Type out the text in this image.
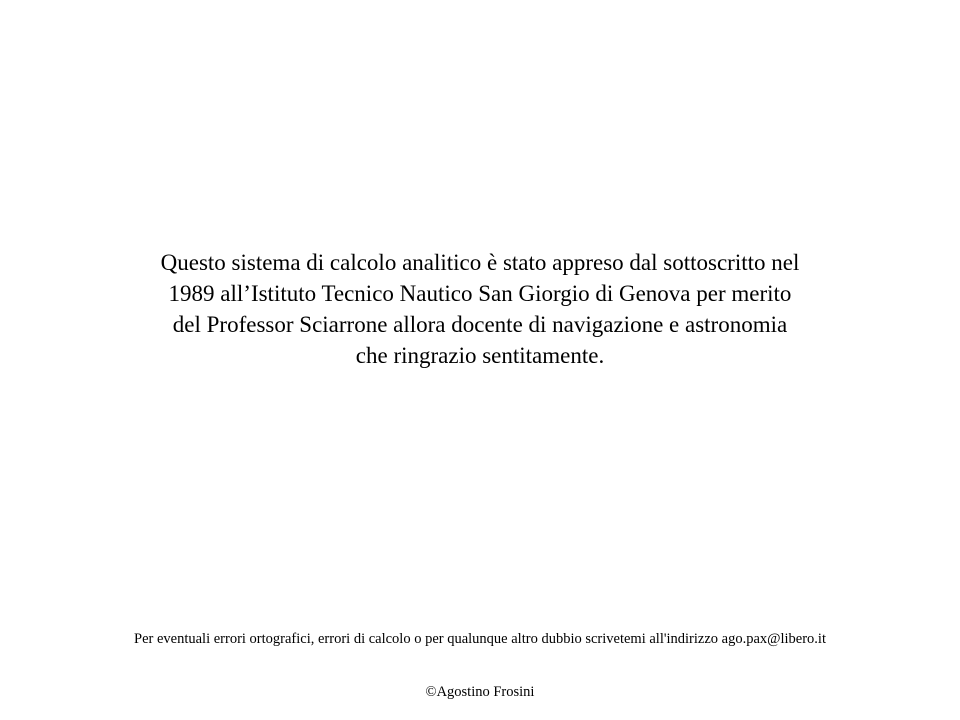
Questo sistema di calcolo analitico è stato appreso dal sottoscritto nel
1989 all’Istituto Tecnico Nautico San Giorgio di Genova per merito
del Professor Sciarrone allora docente di navigazione e astronomia
che ringrazio sentitamente.
Per eventuali errori ortografici, errori di calcolo o per qualunque altro dubbio scrivetemi all'indirizzo ago.pax@libero.it
©Agostino Frosini
